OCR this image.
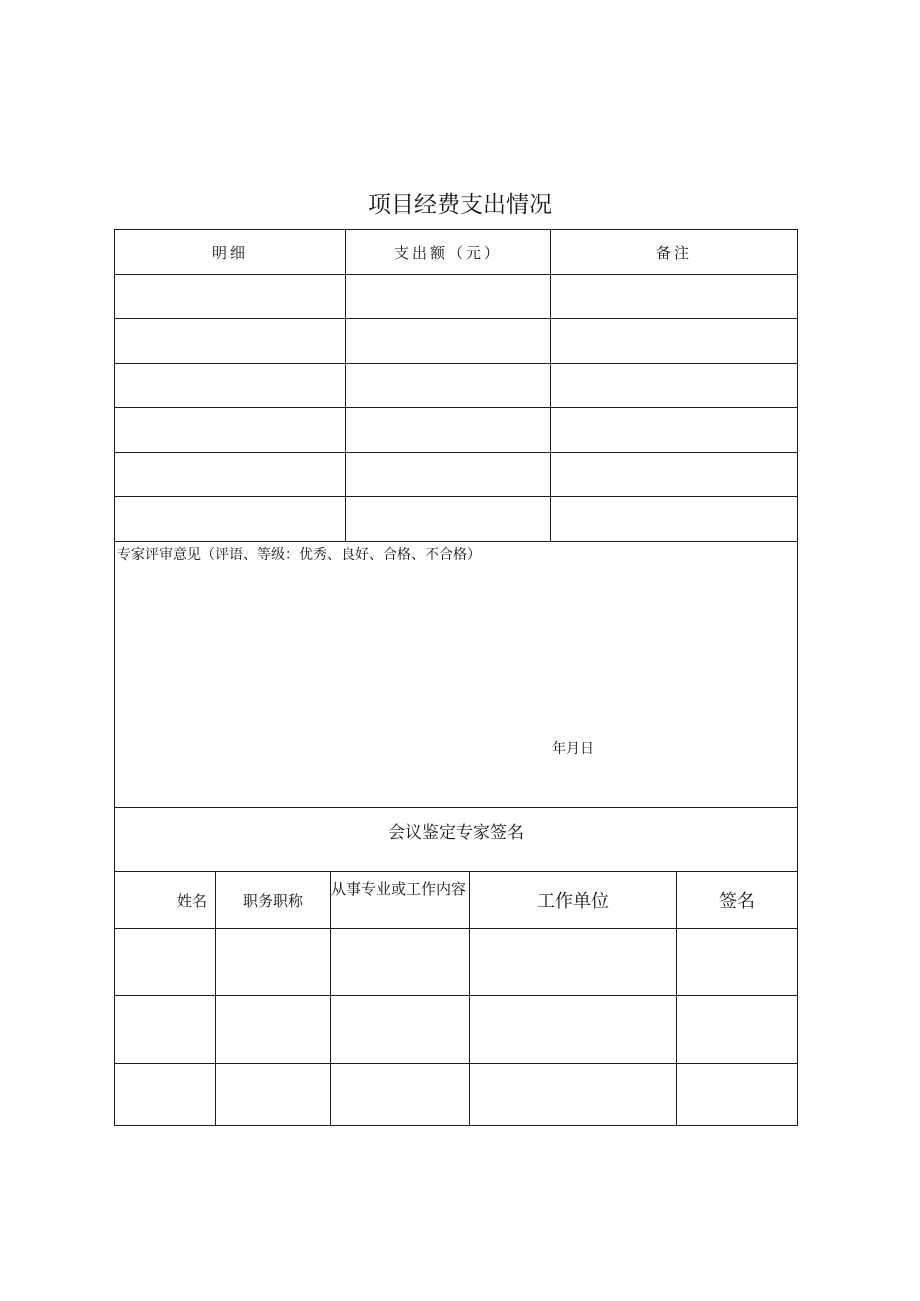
项目经费支出情况
明细	支出额（元）	备注

专家评审意见（评语、等级：优秀、良好、合格、不合格）
年月日

会议鉴定专家签名
姓名	职务职称	从事专业或工作内容	工作单位	签名
